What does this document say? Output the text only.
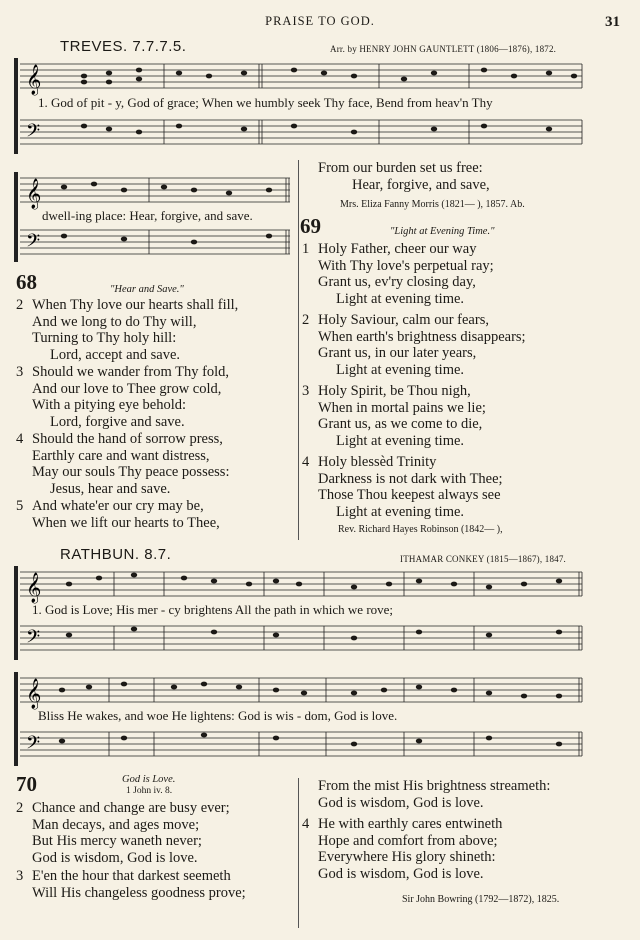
PRAISE TO GOD.	31
TREVES. 7.7.7.5.	Arr. by HENRY JOHN GAUNTLETT (1806—1876), 1872.
𝄞
𝄢
1. God of pit - y, God of grace; When we humbly seek Thy face, Bend from heav'n Thy
𝄞
𝄢
dwell-ing place: Hear, forgive, and save.
68	"Hear and Save."
2 When Thy love our hearts shall fill,
And we long to do Thy will,
Turning to Thy holy hill:
Lord, accept and save.
3 Should we wander from Thy fold,
And our love to Thee grow cold,
With a pitying eye behold:
Lord, forgive and save.
4 Should the hand of sorrow press,
Earthly care and want distress,
May our souls Thy peace possess:
Jesus, hear and save.
5 And whate'er our cry may be,
When we lift our hearts to Thee,
From our burden set us free:
Hear, forgive, and save,
Mrs. Eliza Fanny Morris (1821— ), 1857. Ab.
69	"Light at Evening Time."
1 Holy Father, cheer our way
With Thy love's perpetual ray;
Grant us, ev'ry closing day,
Light at evening time.
2 Holy Saviour, calm our fears,
When earth's brightness disappears;
Grant us, in our later years,
Light at evening time.
3 Holy Spirit, be Thou nigh,
When in mortal pains we lie;
Grant us, as we come to die,
Light at evening time.
4 Holy blessèd Trinity
Darkness is not dark with Thee;
Those Thou keepest always see
Light at evening time.
Rev. Richard Hayes Robinson (1842— ),
RATHBUN. 8.7.	ITHAMAR CONKEY (1815—1867), 1847.
𝄞
𝄢
1. God is Love; His mer - cy brightens All the path in which we rove;
𝄞
𝄢
Bliss He wakes, and woe He lightens: God is wis - dom, God is love.
70	God is Love.
1 John iv. 8.
2 Chance and change are busy ever;
Man decays, and ages move;
But His mercy waneth never;
God is wisdom, God is love.
3 E'en the hour that darkest seemeth
Will His changeless goodness prove;
From the mist His brightness streameth:
God is wisdom, God is love.
4 He with earthly cares entwineth
Hope and comfort from above;
Everywhere His glory shineth:
God is wisdom, God is love.
Sir John Bowring (1792—1872), 1825.
